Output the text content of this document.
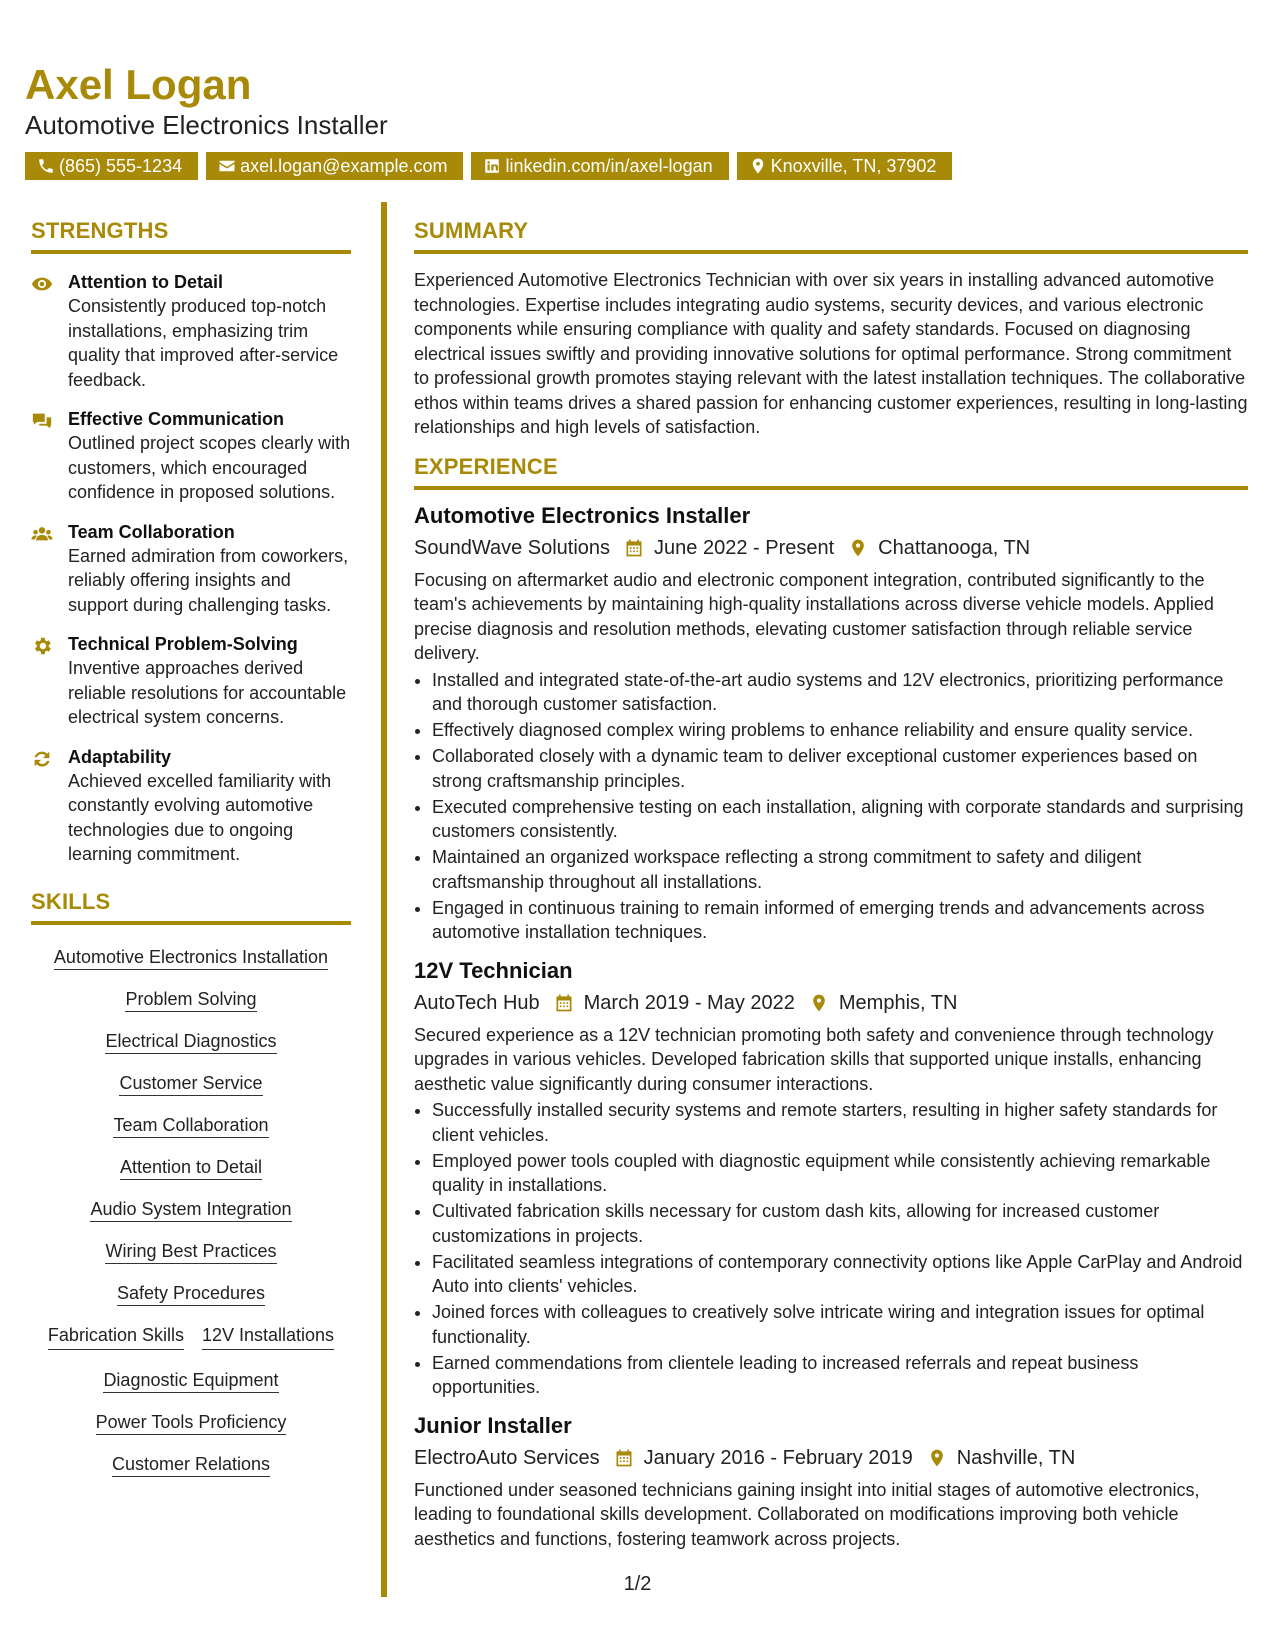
Axel Logan
Automotive Electronics Installer
(865) 555-1234	axel.logan@example.com	linkedin.com/in/axel-logan	Knoxville, TN, 37902
STRENGTHS
Attention to Detail
Consistently produced top-notch installations, emphasizing trim quality that improved after-service feedback.
Effective Communication
Outlined project scopes clearly with customers, which encouraged confidence in proposed solutions.
Team Collaboration
Earned admiration from coworkers, reliably offering insights and support during challenging tasks.
Technical Problem-Solving
Inventive approaches derived reliable resolutions for accountable electrical system concerns.
Adaptability
Achieved excelled familiarity with constantly evolving automotive technologies due to ongoing learning commitment.
SKILLS
Automotive Electronics Installation
Problem Solving
Electrical Diagnostics
Customer Service
Team Collaboration
Attention to Detail
Audio System Integration
Wiring Best Practices
Safety Procedures
Fabrication Skills 12V Installations
Diagnostic Equipment
Power Tools Proficiency
Customer Relations
SUMMARY

Experienced Automotive Electronics Technician with over six years in installing advanced automotive technologies. Expertise includes integrating audio systems, security devices, and various electronic components while ensuring compliance with quality and safety standards. Focused on diagnosing electrical issues swiftly and providing innovative solutions for optimal performance. Strong commitment to professional growth promotes staying relevant with the latest installation techniques. The collaborative ethos within teams drives a shared passion for enhancing customer experiences, resulting in long-lasting relationships and high levels of satisfaction.

EXPERIENCE
Automotive Electronics Installer
SoundWave Solutions June 2022 - Present Chattanooga, TN

Focusing on aftermarket audio and electronic component integration, contributed significantly to the team's achievements by maintaining high-quality installations across diverse vehicle models. Applied precise diagnosis and resolution methods, elevating customer satisfaction through reliable service delivery.

• Installed and integrated state-of-the-art audio systems and 12V electronics, prioritizing performance and thorough customer satisfaction.
• Effectively diagnosed complex wiring problems to enhance reliability and ensure quality service.
• Collaborated closely with a dynamic team to deliver exceptional customer experiences based on strong craftsmanship principles.
• Executed comprehensive testing on each installation, aligning with corporate standards and surprising customers consistently.
• Maintained an organized workspace reflecting a strong commitment to safety and diligent craftsmanship throughout all installations.
• Engaged in continuous training to remain informed of emerging trends and advancements across automotive installation techniques.
12V Technician
AutoTech Hub March 2019 - May 2022 Memphis, TN

Secured experience as a 12V technician promoting both safety and convenience through technology upgrades in various vehicles. Developed fabrication skills that supported unique installs, enhancing aesthetic value significantly during consumer interactions.

• Successfully installed security systems and remote starters, resulting in higher safety standards for client vehicles.
• Employed power tools coupled with diagnostic equipment while consistently achieving remarkable quality in installations.
• Cultivated fabrication skills necessary for custom dash kits, allowing for increased customer customizations in projects.
• Facilitated seamless integrations of contemporary connectivity options like Apple CarPlay and Android Auto into clients' vehicles.
• Joined forces with colleagues to creatively solve intricate wiring and integration issues for optimal functionality.
• Earned commendations from clientele leading to increased referrals and repeat business opportunities.
Junior Installer
ElectroAuto Services January 2016 - February 2019 Nashville, TN

Functioned under seasoned technicians gaining insight into initial stages of automotive electronics, leading to foundational skills development. Collaborated on modifications improving both vehicle aesthetics and functions, fostering teamwork across projects.

1/2
